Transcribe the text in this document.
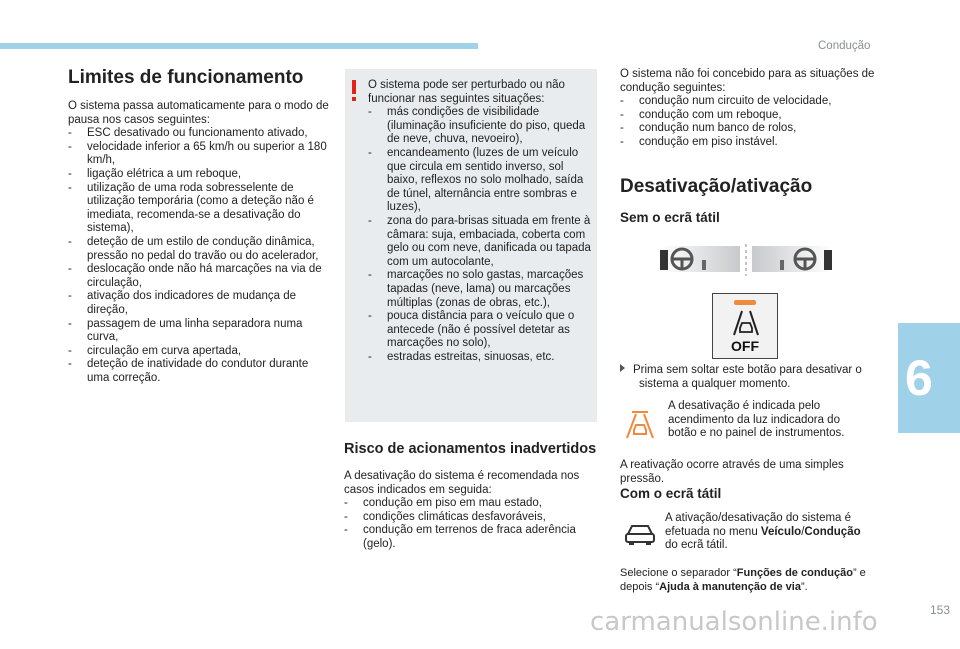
Condução
6
153
carmanualsonline.info
Limites de funcionamento

O sistema passa automaticamente para o modo de pausa nos casos seguintes:

- ESC desativado ou funcionamento ativado,
- velocidade inferior a 65 km/h ou superior a 180 km/h,
- ligação elétrica a um reboque,
- utilização de uma roda sobresselente de utilização temporária (como a deteção não é imediata, recomenda-se a desativação do sistema),
- deteção de um estilo de condução dinâmica, pressão no pedal do travão ou do acelerador,
- deslocação onde não há marcações na via de circulação,
- ativação dos indicadores de mudança de direção,
- passagem de uma linha separadora numa curva,
- circulação em curva apertada,
- deteção de inatividade do condutor durante uma correção.

O sistema pode ser perturbado ou não funcionar nas seguintes situações:

- más condições de visibilidade (iluminação insuficiente do piso, queda de neve, chuva, nevoeiro),
- encandeamento (luzes de um veículo que circula em sentido inverso, sol baixo, reflexos no solo molhado, saída de túnel, alternância entre sombras e luzes),
- zona do para-brisas situada em frente à câmara: suja, embaciada, coberta com gelo ou com neve, danificada ou tapada com um autocolante,
- marcações no solo gastas, marcações tapadas (neve, lama) ou marcações múltiplas (zonas de obras, etc.),
- pouca distância para o veículo que o antecede (não é possível detetar as marcações no solo),
- estradas estreitas, sinuosas, etc.
Risco de acionamentos inadvertidos

A desativação do sistema é recomendada nos casos indicados em seguida:

- condução em piso em mau estado,
- condições climáticas desfavoráveis,
- condução em terrenos de fraca aderência (gelo).

O sistema não foi concebido para as situações de condução seguintes:

- condução num circuito de velocidade,
- condução com um reboque,
- condução num banco de rolos,
- condução em piso instável.
Desativação/ativação
Sem o ecrã tátil
OFF

Prima sem soltar este botão para desativar o sistema a qualquer momento.

A desativação é indicada pelo acendimento da luz indicadora do botão e no painel de instrumentos.
A reativação ocorre através de uma simples pressão.
Com o ecrã tátil
A ativação/desativação do sistema é efetuada no menu Veículo/Condução do ecrã tátil.
Selecione o separador “Funções de condução” e depois “Ajuda à manutenção de via”.
